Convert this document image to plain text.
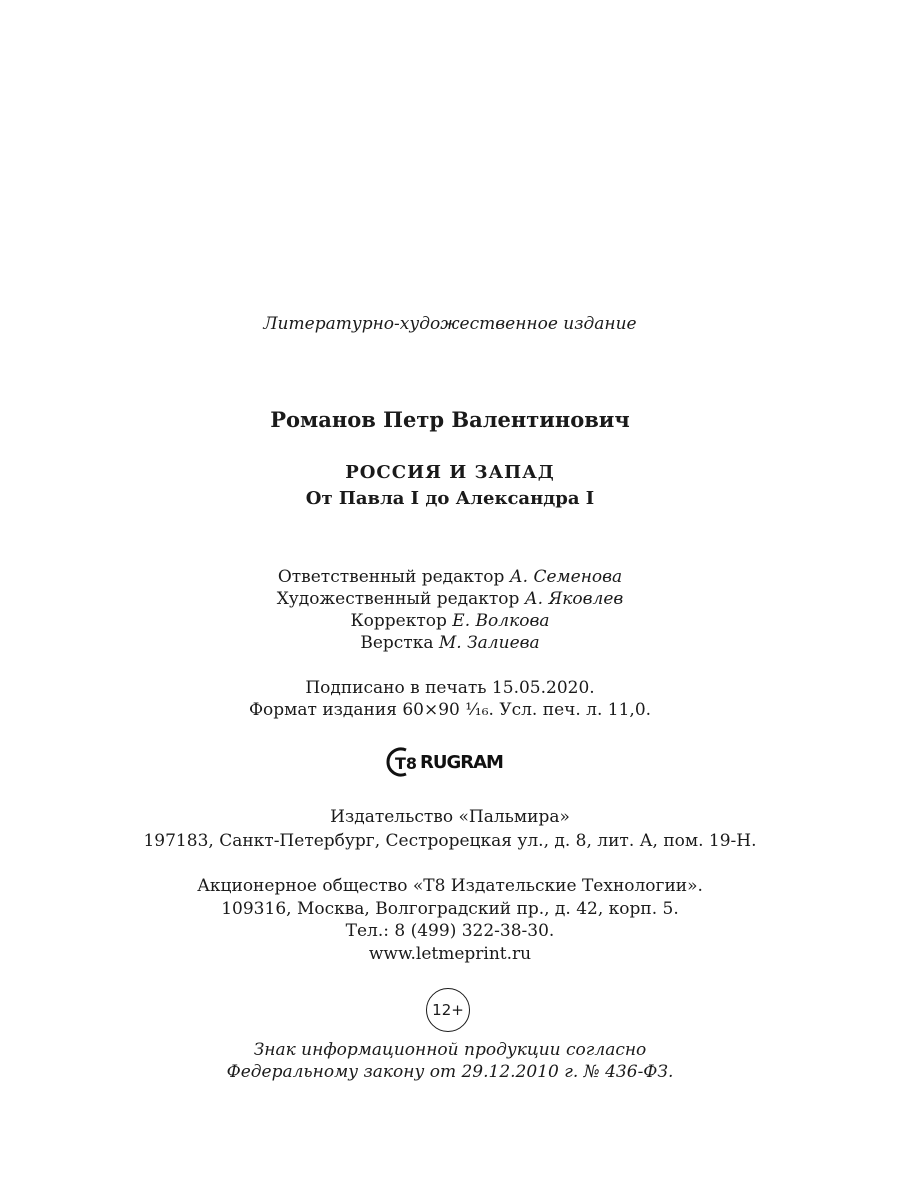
Литературно-художественное издание
Романов Петр Валентинович
РОССИЯ И ЗАПАД
От Павла I до Александра I
Ответственный редактор А. Семенова
Художественный редактор А. Яковлев
Корректор Е. Волкова
Верстка М. Залиева
Подписано в печать 15.05.2020.
Формат издания 60×90 ¹⁄₁₆. Усл. печ. л. 11,0.
T8 RUGRAM
Издательство «Пальмира»
197183, Санкт-Петербург, Сестрорецкая ул., д. 8, лит. А, пом. 19-Н.
Акционерное общество «Т8 Издательские Технологии».
109316, Москва, Волгоградский пр., д. 42, корп. 5.
Тел.: 8 (499) 322-38-30.
www.letmeprint.ru
12+
Знак информационной продукции согласно
Федеральному закону от 29.12.2010 г. № 436-ФЗ.
